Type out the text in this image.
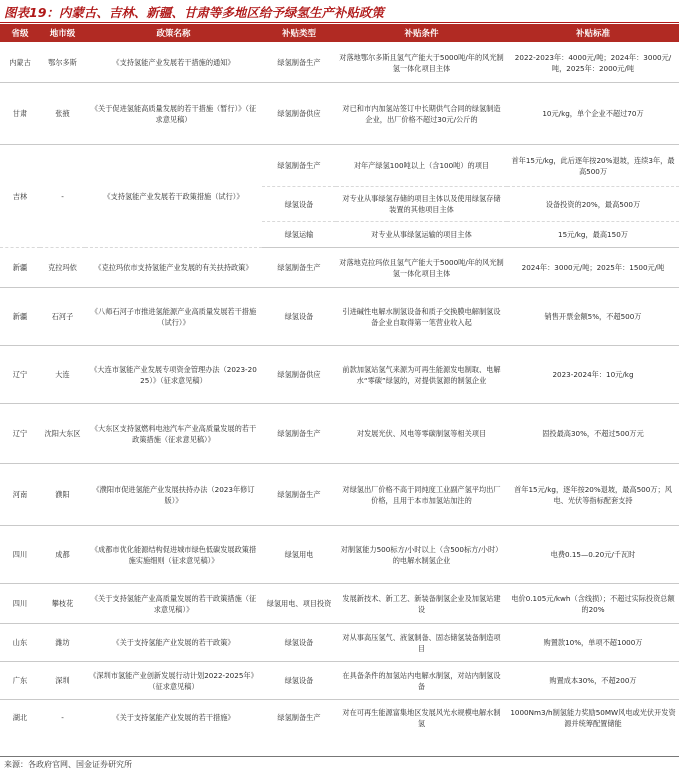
图表19：内蒙古、吉林、新疆、甘肃等多地区给予绿氢生产补贴政策
省级	地市级	政策名称	补贴类型	补贴条件	补贴标准
内蒙古	鄂尔多斯	《支持氢能产业发展若干措施的通知》	绿氢制备生产	对落地鄂尔多斯且氢气产能大于5000吨/年的风光制氢一体化项目主体	2022-2023年：4000元/吨；2024年：3000元/吨，2025年：2000元/吨
甘肃	张掖	《关于促进氢能高质量发展的若干措施（暂行）》（征求意见稿）	绿氢制备供应	对已和市内加氢站签订中长期供气合同的绿氢制造企业，出厂价格不超过30元/公斤的	10元/kg，单个企业不超过70万
吉林	-	《支持氢能产业发展若干政策措施（试行）》	绿氢制备生产	对年产绿氢100吨以上（含100吨）的项目	首年15元/kg，此后逐年按20%退坡，连续3年，最高500万
			绿氢设备	对专业从事绿氢存储的项目主体以及使用绿氢存储装置的其他项目主体	设备投资的20%，最高500万
			绿氢运输	对专业从事绿氢运输的项目主体	15元/kg，最高150万
新疆	克拉玛依	《克拉玛依市支持氢能产业发展的有关扶持政策》	绿氢制备生产	对落地克拉玛依且氢气产能大于5000吨/年的风光制氢一体化项目主体	2024年：3000元/吨；2025年：1500元/吨
新疆	石河子	《八师石河子市推进氢能源产业高质量发展若干措施（试行）》	绿氢设备	引进碱性电解水制氢设备和质子交换膜电解制氢设备企业自取得第一笔营业收入起	销售开票金额5%，不超500万
辽宁	大连	《大连市氢能产业发展专项资金管理办法（2023-2025）》（征求意见稿）	绿氢制备供应	前款加氢站氢气来源为可再生能源发电制取、电解水“零碳”绿氢的，对提供氢源的制氢企业	2023-2024年：10元/kg
辽宁	沈阳大东区	《大东区支持氢燃料电池汽车产业高质量发展的若干政策措施（征求意见稿）》	绿氢制备生产	对发展光伏、风电等零碳制氢等相关项目	固投最高30%，不超过500万元
河南	濮阳	《濮阳市促进氢能产业发展扶持办法（2023年修订版）》	绿氢制备生产	对绿氢出厂价格不高于同纯度工业副产氢平均出厂价格，且用于本市加氢站加注的	首年15元/kg，逐年按20%退坡，最高500万；风电、光伏等指标配套支持
四川	成都	《成都市优化能源结构促进城市绿色低碳发展政策措施实施细则（征求意见稿）》	绿氢用电	对制氢能力500标方/小时以上（含500标方/小时）的电解水制氢企业	电费0.15—0.20元/千瓦时
四川	攀枝花	《关于支持氢能产业高质量发展的若干政策措施（征求意见稿）》	绿氢用电、项目投资	发展新技术、新工艺、新装备制氢企业及加氢站建设	电价0.105元/kwh（含线损）；不超过实际投资总额的20%
山东	潍坊	《关于支持氢能产业发展的若干政策》	绿氢设备	对从事高压氢气、液氢制备、固态储氢装备制造项目	购置款10%，单项不超1000万
广东	深圳	《深圳市氢能产业创新发展行动计划2022-2025年》（征求意见稿）	绿氢设备	在具备条件的加氢站内电解水制氢，对站内制氢设备	购置成本30%，不超200万
湖北	-	《关于支持氢能产业发展的若干措施》	绿氢制备生产	对在可再生能源富集地区发展风光水规模电解水制氢	1000Nm3/h制氢能力奖励50MW风电或光伏开发资源并统筹配置储能
来源：各政府官网、国金证券研究所
